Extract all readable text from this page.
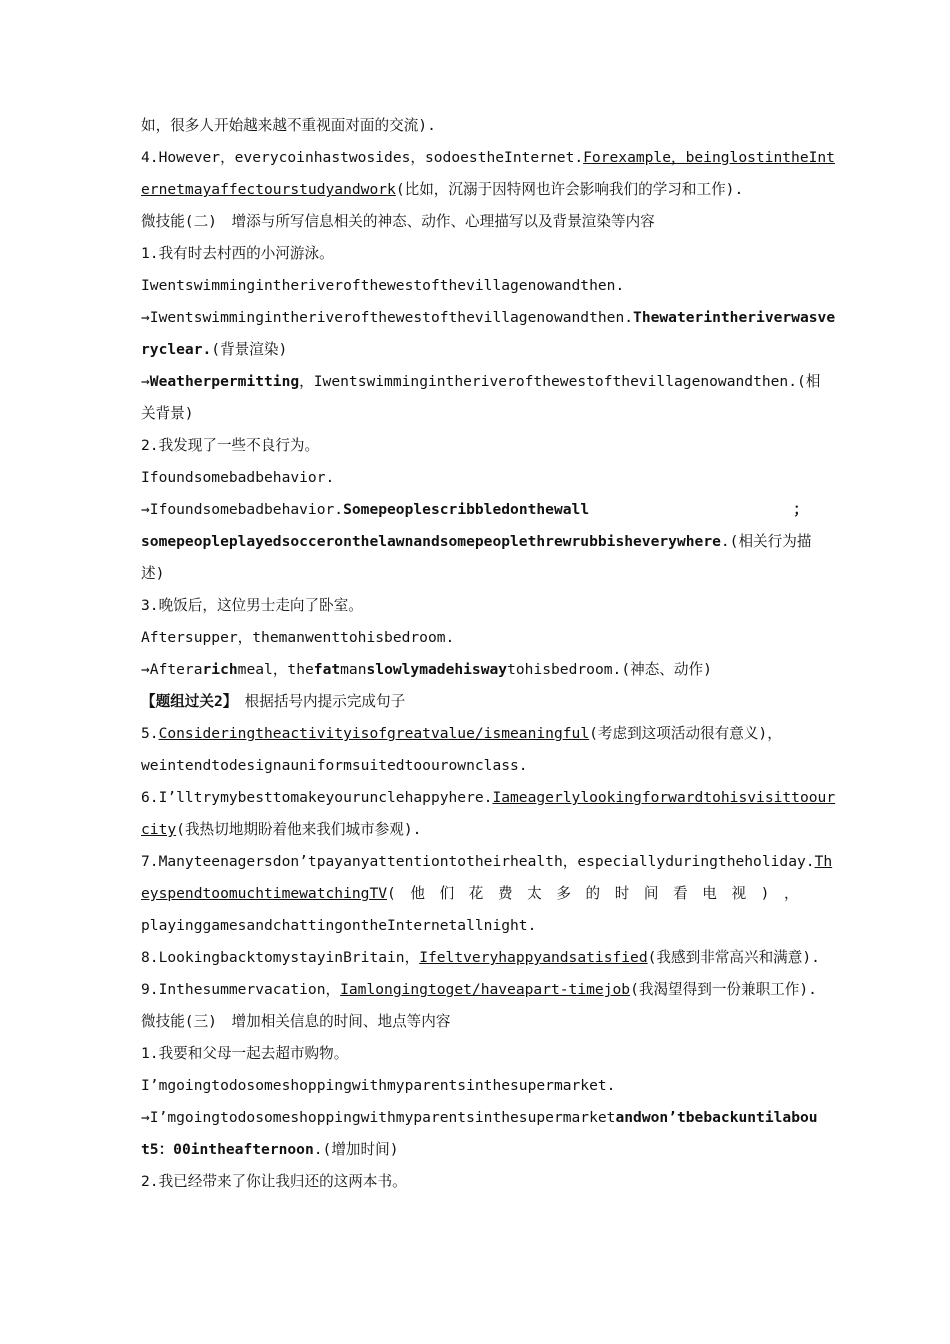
如，很多人开始越来越不重视面对面的交流).
4.However，everycoinhastwosides，sodoestheInternet.Forexample，beinglostintheInt
ernetmayaffectourstudyandwork(比如，沉溺于因特网也许会影响我们的学习和工作).
微技能(二)　增添与所写信息相关的神态、动作、心理描写以及背景渲染等内容
1.我有时去村西的小河游泳。
Iwentswimmingintheriverofthewestofthevillagenowandthen.
→Iwentswimmingintheriverofthewestofthevillagenowandthen.Thewaterintheriverwasve
ryclear.(背景渲染)
→Weatherpermitting，Iwentswimmingintheriverofthewestofthevillagenowandthen.(相
关背景)
2.我发现了一些不良行为。
Ifoundsomebadbehavior.
→Ifoundsomebadbehavior.Somepeoplescribbledonthewall　　　　　　　　　　　　　　；
somepeopleplayedsocceronthelawnandsomepeoplethrewrubbisheverywhere.(相关行为描
述)
3.晚饭后，这位男士走向了卧室。
Aftersupper，themanwenttohisbedroom.
→Afterarichmeal，thefatmanslowlymadehiswaytohisbedroom.(神态、动作)
【题组过关2】　根据括号内提示完成句子
5.Consideringtheactivityisofgreatvalue/ismeaningful(考虑到这项活动很有意义)，
weintendtodesignauniformsuitedtoourownclass.
6.I’lltrymybesttomakeyourunclehappyhere.Iameagerlylookingforwardtohisvisittoour
city(我热切地期盼着他来我们城市参观).
7.Manyteenagersdon’tpayanyattentiontotheirhealth，especiallyduringtheholiday.Th
eyspendtoomuchtimewatchingTV(　他　们　花　费　太　多　的　时　间　看　电　视　)　，
playinggamesandchattingontheInternetallnight.
8.LookingbacktomystayinBritain，Ifeltveryhappyandsatisfied(我感到非常高兴和满意).
9.Inthesummervacation，Iamlongingtoget/haveapart-timejob(我渴望得到一份兼职工作).
微技能(三)　增加相关信息的时间、地点等内容
1.我要和父母一起去超市购物。
I’mgoingtodosomeshoppingwithmyparentsinthesupermarket.
→I’mgoingtodosomeshoppingwithmyparentsinthesupermarketandwon’tbebackuntilabou
t5：00intheafternoon.(增加时间)
2.我已经带来了你让我归还的这两本书。
